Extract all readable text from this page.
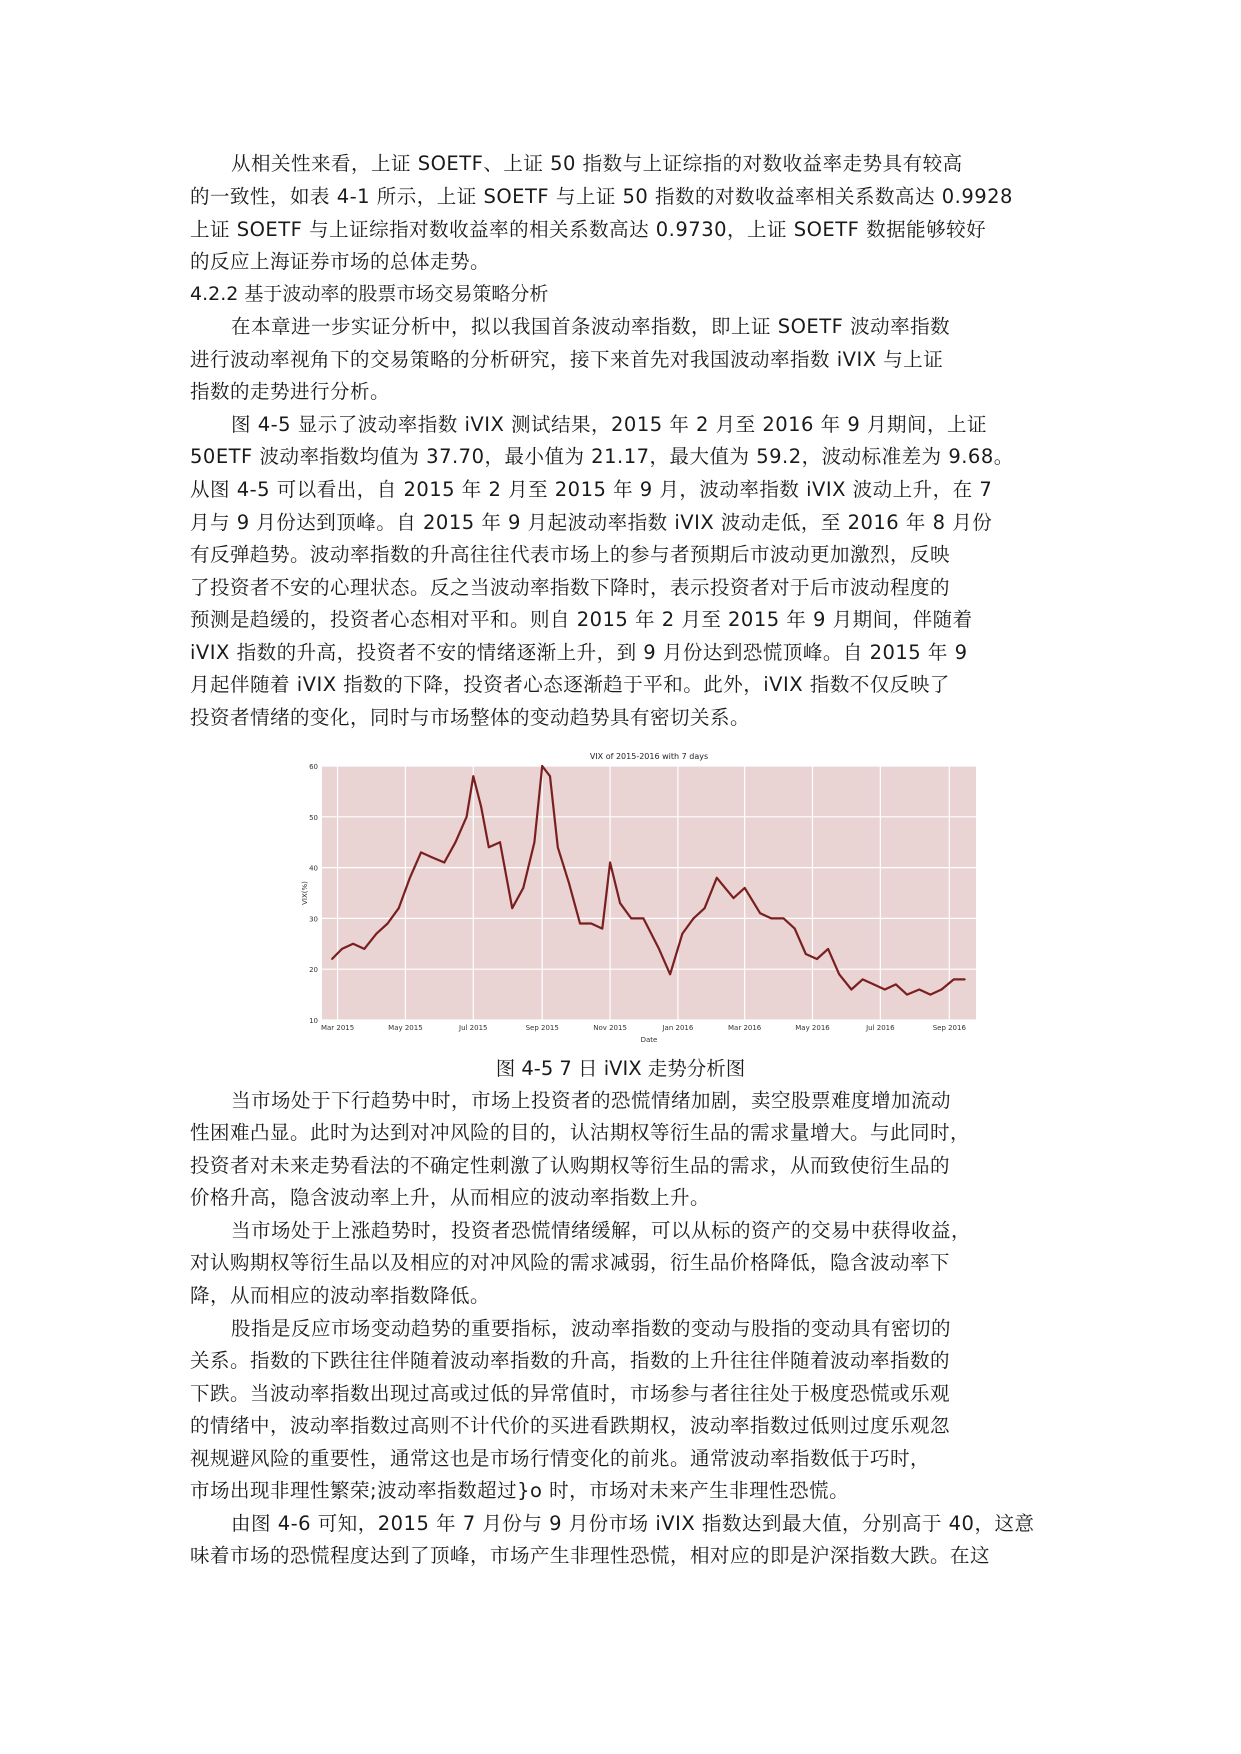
从相关性来看，上证 SOETF、上证 50 指数与上证综指的对数收益率走势具有较高
的一致性，如表 4-1 所示，上证 SOETF 与上证 50 指数的对数收益率相关系数高达 0.9928
上证 SOETF 与上证综指对数收益率的相关系数高达 0.9730，上证 SOETF 数据能够较好
的反应上海证券市场的总体走势。
4.2.2 基于波动率的股票市场交易策略分析
在本章进一步实证分析中，拟以我国首条波动率指数，即上证 SOETF 波动率指数
进行波动率视角下的交易策略的分析研究，接下来首先对我国波动率指数 iVIX 与上证
指数的走势进行分析。
图 4-5 显示了波动率指数 iVIX 测试结果，2015 年 2 月至 2016 年 9 月期间，上证
50ETF 波动率指数均值为 37.70，最小值为 21.17，最大值为 59.2，波动标准差为 9.68。
从图 4-5 可以看出，自 2015 年 2 月至 2015 年 9 月，波动率指数 iVIX 波动上升，在 7
月与 9 月份达到顶峰。自 2015 年 9 月起波动率指数 iVIX 波动走低，至 2016 年 8 月份
有反弹趋势。波动率指数的升高往往代表市场上的参与者预期后市波动更加激烈，反映
了投资者不安的心理状态。反之当波动率指数下降时，表示投资者对于后市波动程度的
预测是趋缓的，投资者心态相对平和。则自 2015 年 2 月至 2015 年 9 月期间，伴随着
iVIX 指数的升高，投资者不安的情绪逐渐上升，到 9 月份达到恐慌顶峰。自 2015 年 9
月起伴随着 iVIX 指数的下降，投资者心态逐渐趋于平和。此外，iVIX 指数不仅反映了
投资者情绪的变化，同时与市场整体的变动趋势具有密切关系。
当市场处于下行趋势中时，市场上投资者的恐慌情绪加剧，卖空股票难度增加流动
性困难凸显。此时为达到对冲风险的目的，认沽期权等衍生品的需求量增大。与此同时，
投资者对未来走势看法的不确定性刺激了认购期权等衍生品的需求，从而致使衍生品的
价格升高，隐含波动率上升，从而相应的波动率指数上升。
当市场处于上涨趋势时，投资者恐慌情绪缓解，可以从标的资产的交易中获得收益，
对认购期权等衍生品以及相应的对冲风险的需求减弱，衍生品价格降低，隐含波动率下
降，从而相应的波动率指数降低。
股指是反应市场变动趋势的重要指标，波动率指数的变动与股指的变动具有密切的
关系。指数的下跌往往伴随着波动率指数的升高，指数的上升往往伴随着波动率指数的
下跌。当波动率指数出现过高或过低的异常值时，市场参与者往往处于极度恐慌或乐观
的情绪中，波动率指数过高则不计代价的买进看跌期权，波动率指数过低则过度乐观忽
视规避风险的重要性，通常这也是市场行情变化的前兆。通常波动率指数低于巧时，
市场出现非理性繁荣;波动率指数超过}o 时，市场对未来产生非理性恐慌。
由图 4-6 可知，2015 年 7 月份与 9 月份市场 iVIX 指数达到最大值，分别高于 40，这意
味着市场的恐慌程度达到了顶峰，市场产生非理性恐慌，相对应的即是沪深指数大跌。在这
10
20
30
40
50
60
Mar 2015	May 2015	Jul 2015	Sep 2015	Nov 2015	Jan 2016	Mar 2016	May 2016	Jul 2016	Sep 2016
VIX of 2015-2016 with 7 days
Date
VIX(%)
图 4-5 7 日 iVIX 走势分析图
